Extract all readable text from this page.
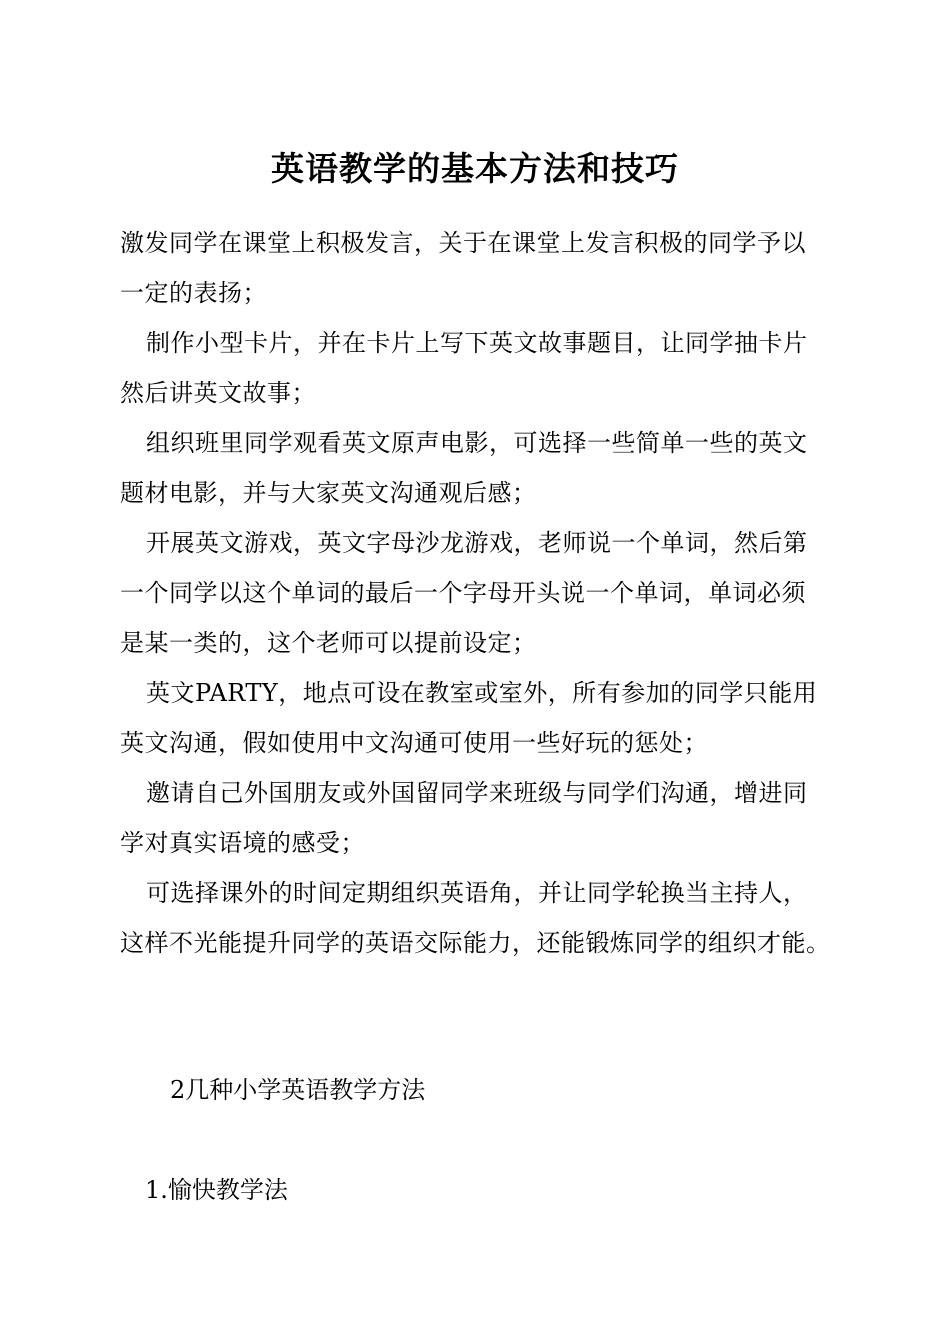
英语教学的基本方法和技巧

激发同学在课堂上积极发言，关于在课堂上发言积极的同学予以
一定的表扬；

制作小型卡片，并在卡片上写下英文故事题目，让同学抽卡片
然后讲英文故事；

组织班里同学观看英文原声电影，可选择一些简单一些的英文
题材电影，并与大家英文沟通观后感；

开展英文游戏，英文字母沙龙游戏，老师说一个单词，然后第
一个同学以这个单词的最后一个字母开头说一个单词，单词必须
是某一类的，这个老师可以提前设定；

英文PARTY，地点可设在教室或室外，所有参加的同学只能用
英文沟通，假如使用中文沟通可使用一些好玩的惩处；

邀请自己外国朋友或外国留同学来班级与同学们沟通，增进同
学对真实语境的感受；

可选择课外的时间定期组织英语角，并让同学轮换当主持人，
这样不光能提升同学的英语交际能力，还能锻炼同学的组织才能。

2几种小学英语教学方法
1.愉快教学法
